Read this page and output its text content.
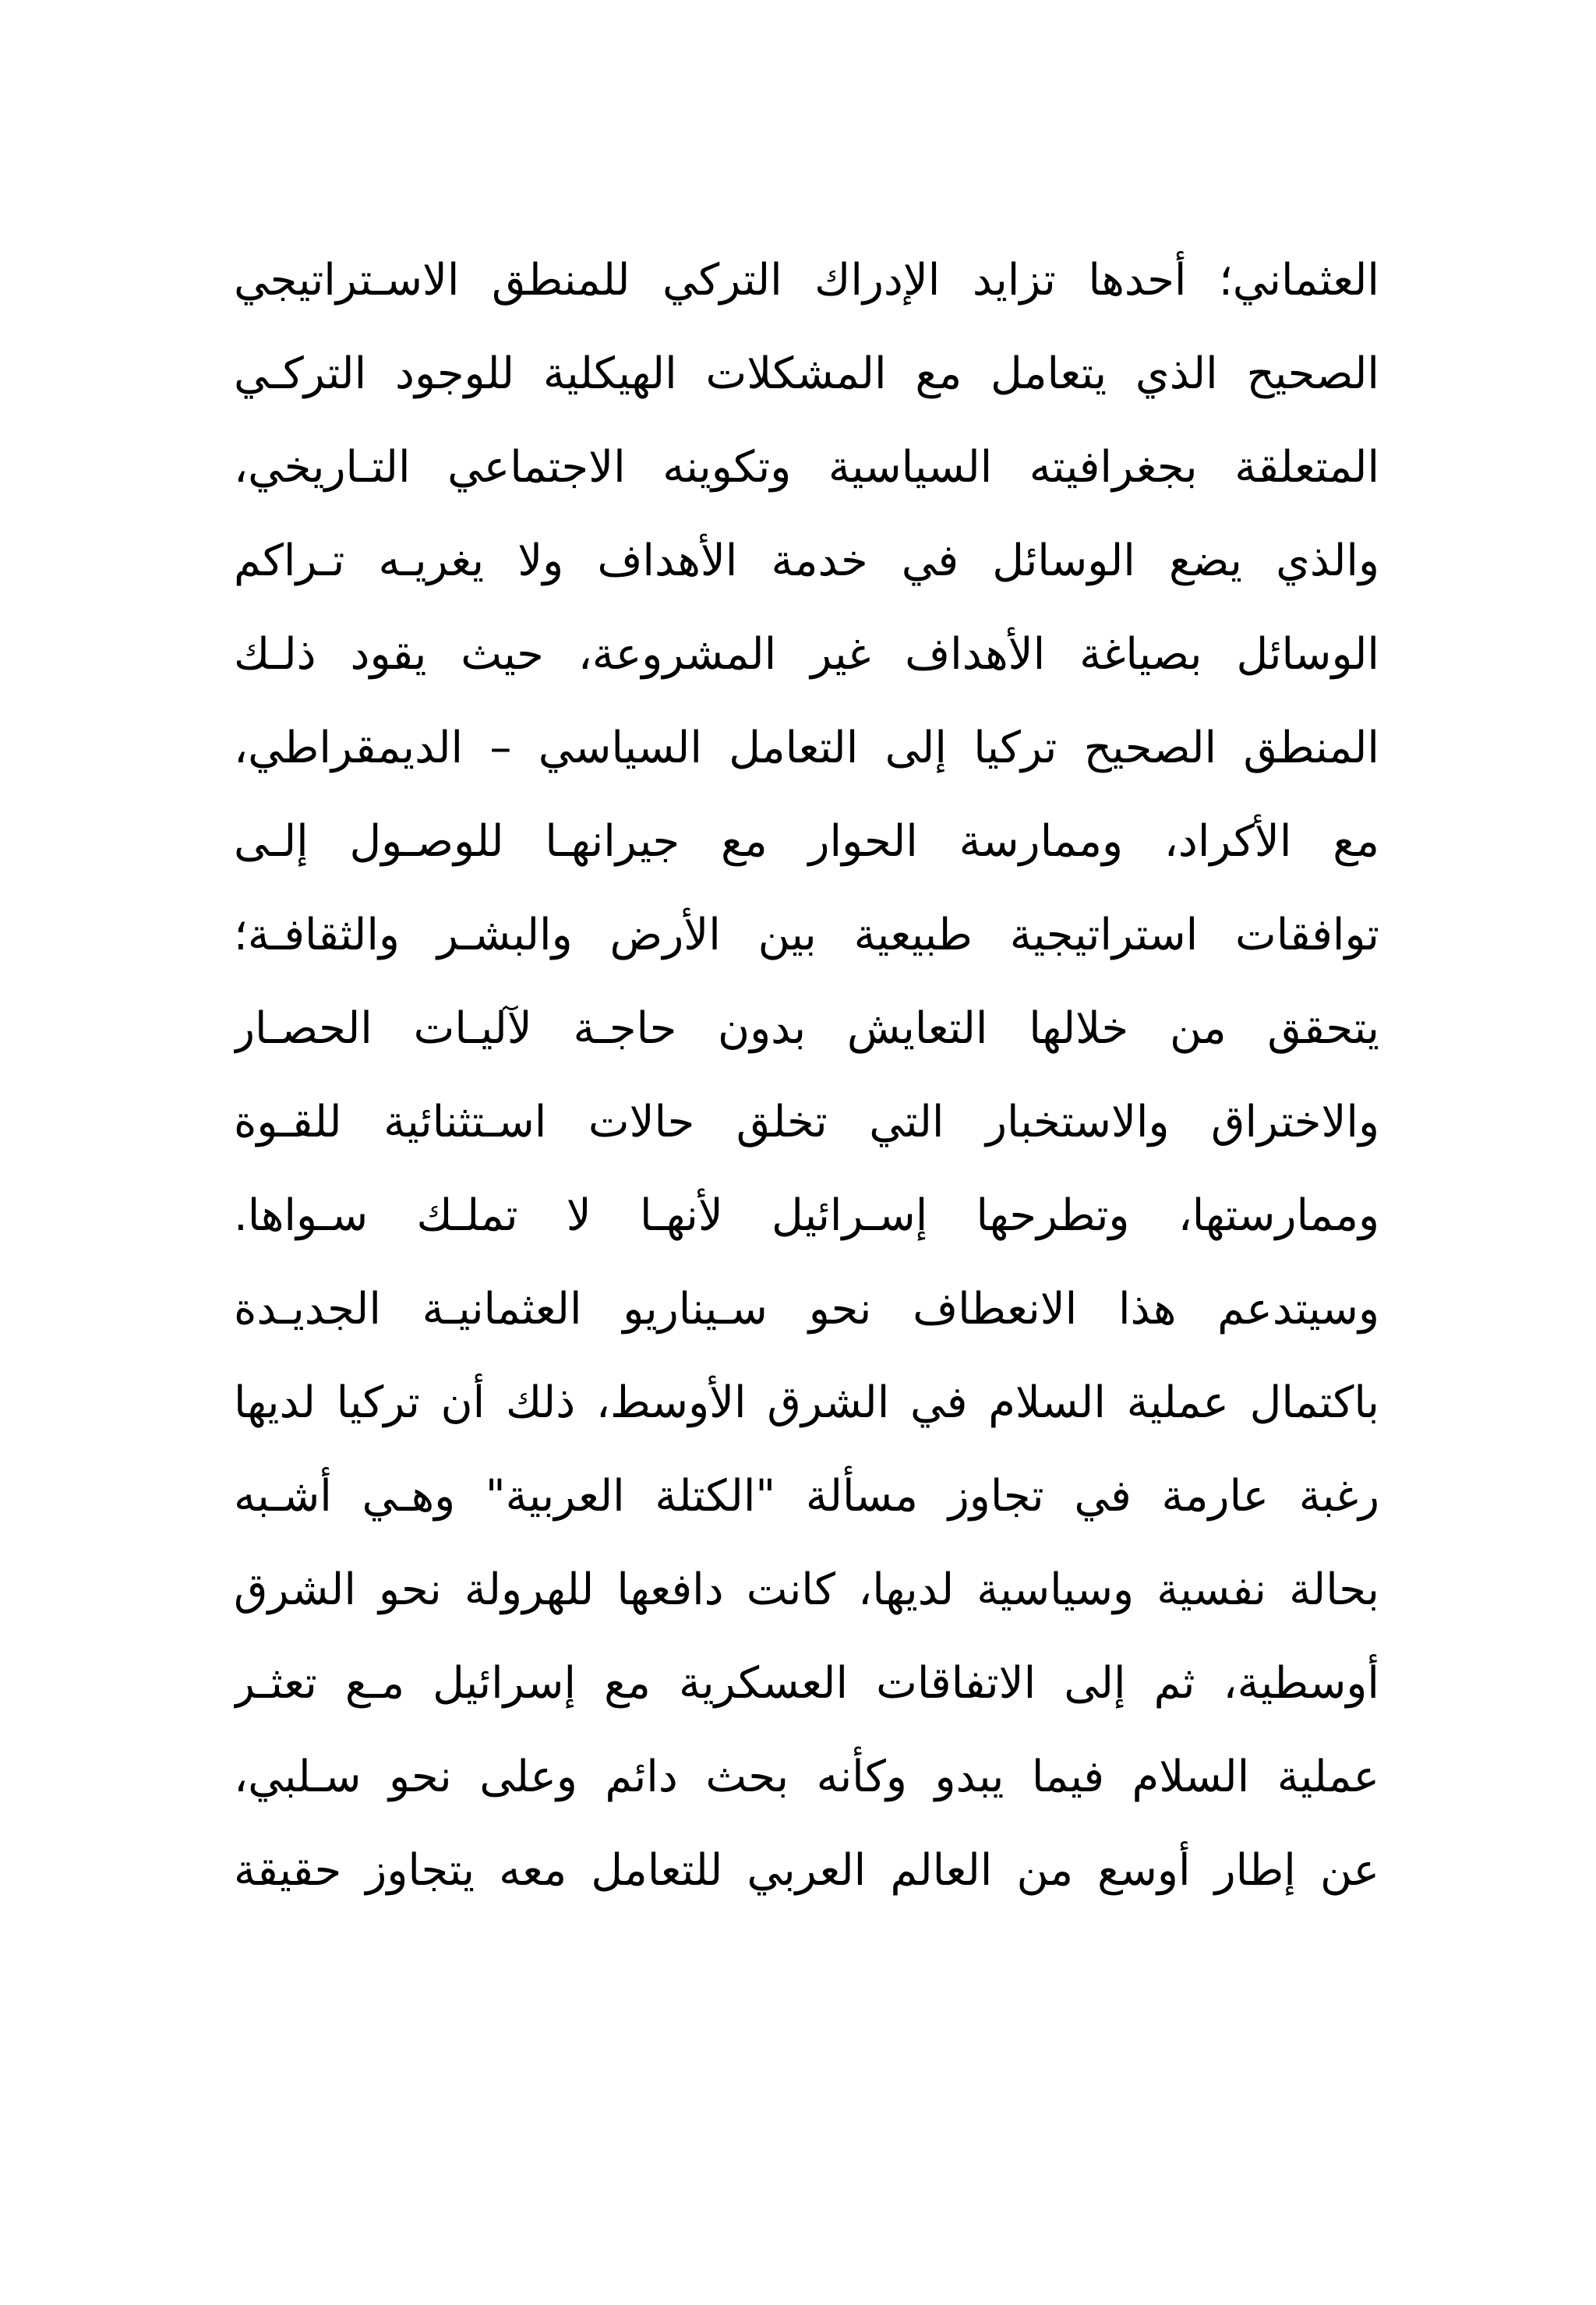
العثماني؛ أحدها تزايد الإدراك التركي للمنطق الاسـتراتيجي
الصحيح الذي يتعامل مع المشكلات الهيكلية للوجود التركـي
المتعلقة بجغرافيته السياسية وتكوينه الاجتماعي التـاريخي،
والذي يضع الوسائل في خدمة الأهداف ولا يغريـه تـراكم
الوسائل بصياغة الأهداف غير المشروعة، حيث يقود ذلـك
المنطق الصحيح تركيا إلى التعامل السياسي – الديمقراطي،
مع الأكراد، وممارسة الحوار مع جيرانهـا للوصـول إلـى
توافقات استراتيجية طبيعية بين الأرض والبشـر والثقافـة؛
يتحقق من خلالها التعايش بدون حاجـة لآليـات الحصـار
والاختراق والاستخبار التي تخلق حالات اسـتثنائية للقـوة
وممارستها، وتطرحها إسـرائيل لأنهـا لا تملـك سـواها.
وسيتدعم هذا الانعطاف نحو سـيناريو العثمانيـة الجديـدة
باكتمال عملية السلام في الشرق الأوسط، ذلك أن تركيا لديها
رغبة عارمة في تجاوز مسألة "الكتلة العربية" وهـي أشـبه
بحالة نفسية وسياسية لديها، كانت دافعها للهرولة نحو الشرق
أوسطية، ثم إلى الاتفاقات العسكرية مع إسرائيل مـع تعثـر
عملية السلام فيما يبدو وكأنه بحث دائم وعلى نحو سـلبي،
عن إطار أوسع من العالم العربي للتعامل معه يتجاوز حقيقة
